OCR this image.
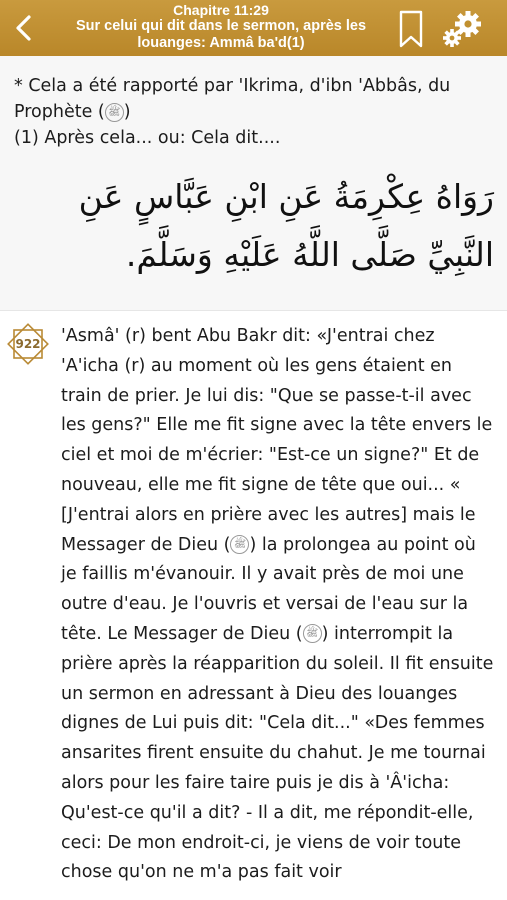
Chapitre 11:29
Sur celui qui dit dans le sermon, après les louanges: Ammâ ba'd(1)

* Cela a été rapporté par 'Ikrima, d'ibn 'Abbâs, du Prophète ( ﷺ )

(1) Après cela... ou: Cela dit....

رَوَاهُ عِكْرِمَةُ عَنِ ابْنِ عَبَّاسٍ عَنِ النَّبِيِّ صَلَّى اللَّهُ عَلَيْهِ وَسَلَّمَ.
922	'Asmâ' (r) bent Abu Bakr dit: «J'entrai chez 'A'icha (r) au moment où les gens étaient en train de prier. Je lui dis: "Que se passe-t-il avec les gens?" Elle me fit signe avec la tête envers le ciel et moi de m'écrier: "Est-ce un signe?" Et de nouveau, elle me fit signe de tête que oui... « [J'entrai alors en prière avec les autres] mais le Messager de Dieu ( ﷺ ) la prolongea au point où je faillis m'évanouir. Il y avait près de moi une outre d'eau. Je l'ouvris et versai de l'eau sur la tête. Le Messager de Dieu ( ﷺ ) interrompit la prière après la réapparition du soleil. Il fit ensuite un sermon en adressant à Dieu des louanges dignes de Lui puis dit: "Cela dit..." «Des femmes ansarites firent ensuite du chahut. Je me tournai alors pour les faire taire puis je dis à 'Â'icha: Qu'est-ce qu'il a dit? - Il a dit, me répondit-elle, ceci: De mon endroit-ci, je viens de voir toute chose qu'on ne m'a pas fait voir
